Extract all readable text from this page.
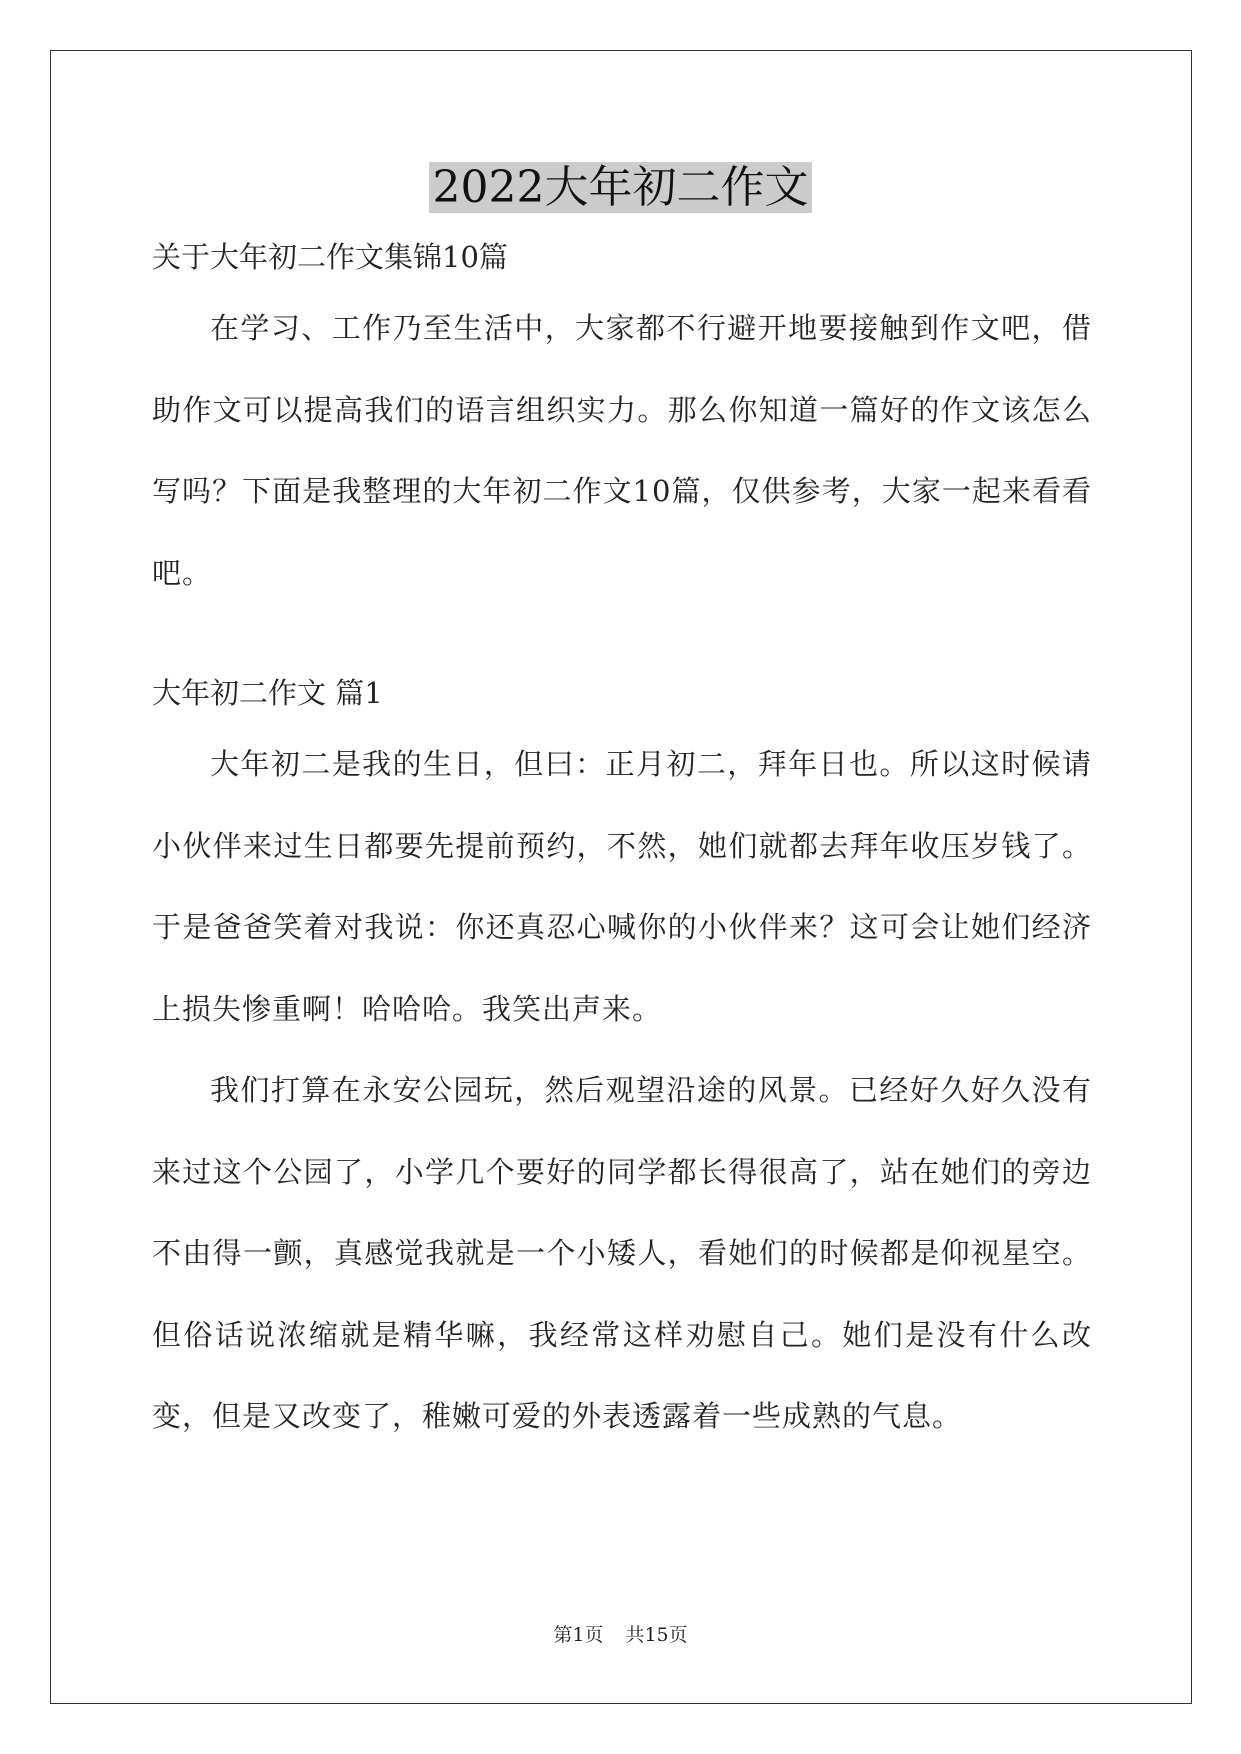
2022大年初二作文
关于大年初二作文集锦10篇
在学习、工作乃至生活中，大家都不行避开地要接触到作文吧，借助作文可以提高我们的语言组织实力。那么你知道一篇好的作文该怎么写吗？下面是我整理的大年初二作文10篇，仅供参考，大家一起来看看吧。
大年初二作文 篇1
大年初二是我的生日，但曰：正月初二，拜年日也。所以这时候请小伙伴来过生日都要先提前预约，不然，她们就都去拜年收压岁钱了。于是爸爸笑着对我说：你还真忍心喊你的小伙伴来？这可会让她们经济上损失惨重啊！哈哈哈。我笑出声来。
我们打算在永安公园玩，然后观望沿途的风景。已经好久好久没有来过这个公园了，小学几个要好的同学都长得很高了，站在她们的旁边不由得一颤，真感觉我就是一个小矮人，看她们的时候都是仰视星空。但俗话说浓缩就是精华嘛，我经常这样劝慰自己。她们是没有什么改变，但是又改变了，稚嫩可爱的外表透露着一些成熟的气息。
第1页 共15页
